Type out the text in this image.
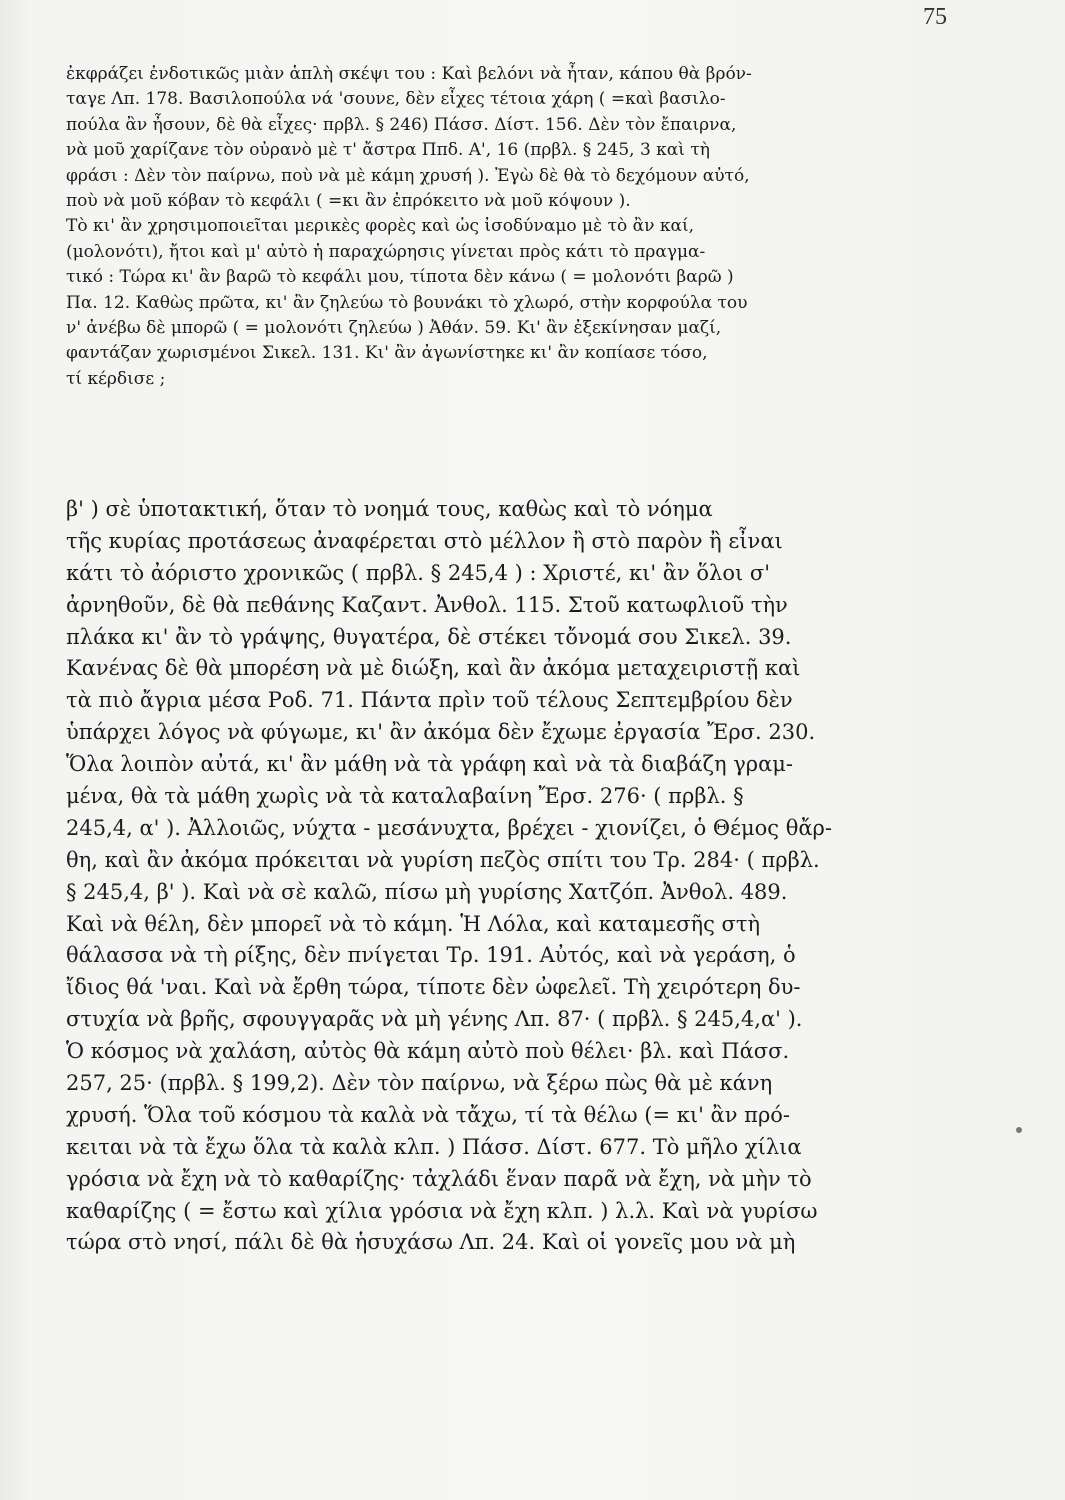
75
ἐκφράζει ἐνδοτικῶς μιὰν ἁπλὴ σκέψι του : Καὶ βελόνι νὰ ἦταν, κάπου θὰ βρόν-
ταγε Λπ. 178. Βασιλοπούλα νά 'σουνε, δὲν εἶχες τέτοια χάρη ( =καὶ βασιλο-
πούλα ἂν ἦσουν, δὲ θὰ εἶχες· πρβλ. § 246) Πάσσ. Δίστ. 156. Δὲν τὸν ἔπαιρνα,
νὰ μοῦ χαρίζανε τὸν οὐρανὸ μὲ τ' ἄστρα Ππδ. Α', 16 (πρβλ. § 245, 3 καὶ τὴ
φράσι : Δὲν τὸν παίρνω, ποὺ νὰ μὲ κάμη χρυσή ). Ἐγὼ δὲ θὰ τὸ δεχόμουν αὐτό,
ποὺ νὰ μοῦ κόβαν τὸ κεφάλι ( =κι ἂν ἐπρόκειτο νὰ μοῦ κόψουν ).
Τὸ κι' ἂν χρησιμοποιεῖται μερικὲς φορὲς καὶ ὡς ἰσοδύναμο μὲ τὸ ἂν καί,
(μολονότι), ἤτοι καὶ μ' αὐτὸ ἡ παραχώρησις γίνεται πρὸς κάτι τὸ πραγμα-
τικό : Τώρα κι' ἂν βαρῶ τὸ κεφάλι μου, τίποτα δὲν κάνω ( = μολονότι βαρῶ )
Πα. 12. Καθὼς πρῶτα, κι' ἂν ζηλεύω τὸ βουνάκι τὸ χλωρό, στὴν κορφούλα του
ν' ἀνέβω δὲ μπορῶ ( = μολονότι ζηλεύω ) Ἀθάν. 59. Κι' ἂν ἐξεκίνησαν μαζί,
φαντάζαν χωρισμένοι Σικελ. 131. Κι' ἂν ἀγωνίστηκε κι' ἂν κοπίασε τόσο,
τί κέρδισε ;
β' ) σὲ ὑποτακτική, ὅταν τὸ νοημά τους, καθὼς καὶ τὸ νόημα
τῆς κυρίας προτάσεως ἀναφέρεται στὸ μέλλον ἢ στὸ παρὸν ἢ εἶναι
κάτι τὸ ἀόριστο χρονικῶς ( πρβλ. § 245,4 ) : Χριστέ, κι' ἂν ὅλοι σ'
ἀρνηθοῦν, δὲ θὰ πεθάνης Καζαντ. Ἀνθολ. 115. Στοῦ κατωφλιοῦ τὴν
πλάκα κι' ἂν τὸ γράψης, θυγατέρα, δὲ στέκει τὄνομά σου Σικελ. 39.
Κανένας δὲ θὰ μπορέση νὰ μὲ διώξη, καὶ ἂν ἀκόμα μεταχειριστῇ καὶ
τὰ πιὸ ἄγρια μέσα Ροδ. 71. Πάντα πρὶν τοῦ τέλους Σεπτεμβρίου δὲν
ὑπάρχει λόγος νὰ φύγωμε, κι' ἂν ἀκόμα δὲν ἔχωμε ἐργασία Ἔρσ. 230.
Ὅλα λοιπὸν αὐτά, κι' ἂν μάθη νὰ τὰ γράφη καὶ νὰ τὰ διαβάζη γραμ-
μένα, θὰ τὰ μάθη χωρὶς νὰ τὰ καταλαβαίνη Ἔρσ. 276· ( πρβλ. §
245,4, α' ). Ἀλλοιῶς, νύχτα - μεσάνυχτα, βρέχει - χιονίζει, ὁ Θέμος θἄρ-
θη, καὶ ἂν ἀκόμα πρόκειται νὰ γυρίση πεζὸς σπίτι του Τρ. 284· ( πρβλ.
§ 245,4, β' ). Καὶ νὰ σὲ καλῶ, πίσω μὴ γυρίσης Χατζόπ. Ἀνθολ. 489.
Καὶ νὰ θέλη, δὲν μπορεῖ νὰ τὸ κάμη. Ἡ Λόλα, καὶ καταμεσῆς στὴ
θάλασσα νὰ τὴ ρίξης, δὲν πνίγεται Τρ. 191. Αὐτός, καὶ νὰ γεράση, ὁ
ἴδιος θά 'ναι. Καὶ νὰ ἔρθη τώρα, τίποτε δὲν ὠφελεῖ. Τὴ χειρότερη δυ-
στυχία νὰ βρῆς, σφουγγαρᾶς νὰ μὴ γένης Λπ. 87· ( πρβλ. § 245,4,α' ).
Ὁ κόσμος νὰ χαλάση, αὐτὸς θὰ κάμη αὐτὸ ποὺ θέλει· βλ. καὶ Πάσσ.
257, 25· (πρβλ. § 199,2). Δὲν τὸν παίρνω, νὰ ξέρω πὼς θὰ μὲ κάνη
χρυσή. Ὅλα τοῦ κόσμου τὰ καλὰ νὰ τἄχω, τί τὰ θέλω (= κι' ἂν πρό-
κειται νὰ τὰ ἔχω ὅλα τὰ καλὰ κλπ. ) Πάσσ. Δίστ. 677. Τὸ μῆλο χίλια
γρόσια νὰ ἔχη νὰ τὸ καθαρίζης· τἀχλάδι ἕναν παρᾶ νὰ ἔχη, νὰ μὴν τὸ
καθαρίζης ( = ἔστω καὶ χίλια γρόσια νὰ ἔχη κλπ. ) λ.λ. Καὶ νὰ γυρίσω
τώρα στὸ νησί, πάλι δὲ θὰ ἡσυχάσω Λπ. 24. Καὶ οἱ γονεῖς μου νὰ μὴ
